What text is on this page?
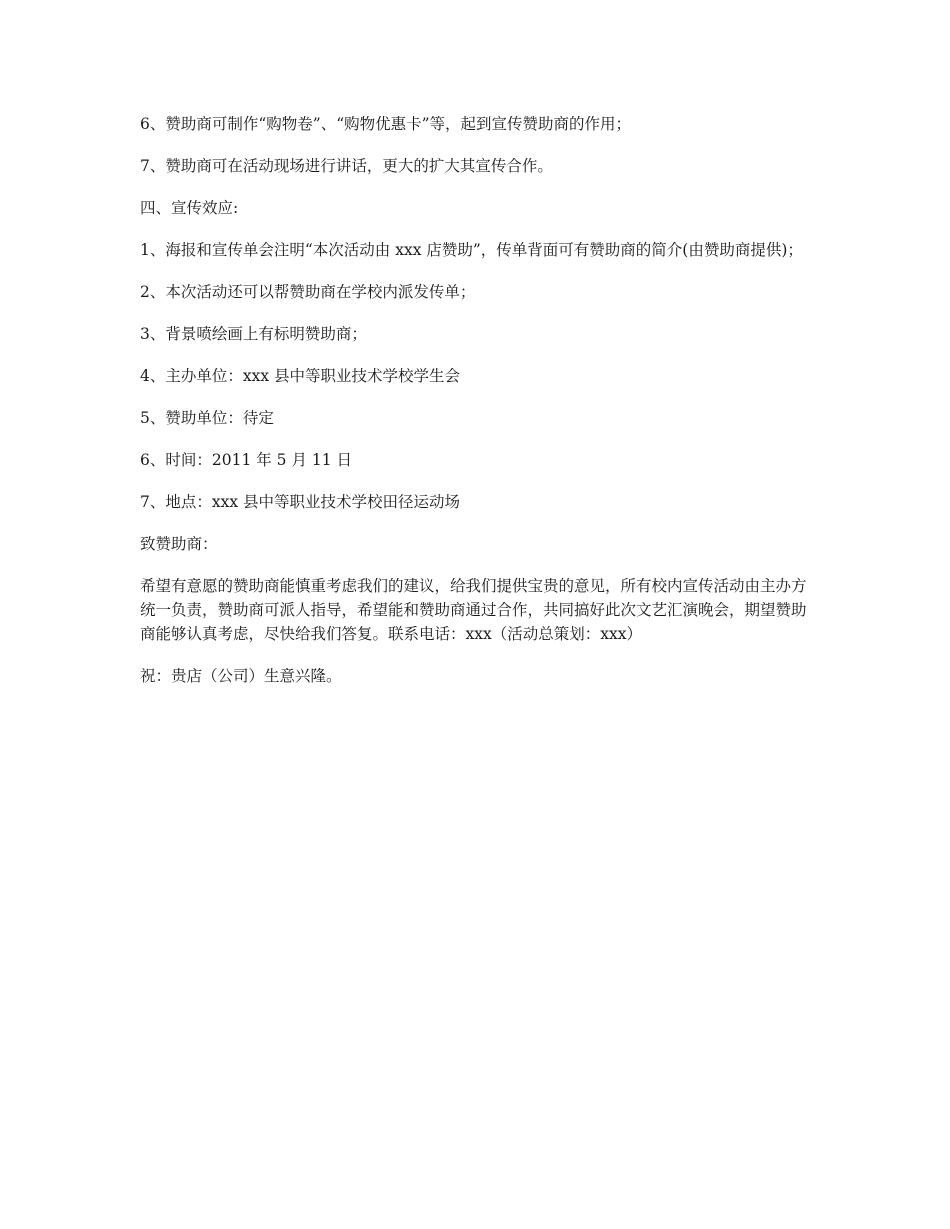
6、赞助商可制作“购物卷”、“购物优惠卡”等，起到宣传赞助商的作用；

7、赞助商可在活动现场进行讲话，更大的扩大其宣传合作。

四、宣传效应:

1、海报和宣传单会注明“本次活动由 xxx 店赞助”，传单背面可有赞助商的简介(由赞助商提供)；

2、本次活动还可以帮赞助商在学校内派发传单；

3、背景喷绘画上有标明赞助商；

4、主办单位：xxx 县中等职业技术学校学生会

5、赞助单位：待定

6、时间：2011 年 5 月 11 日

7、地点：xxx 县中等职业技术学校田径运动场

致赞助商：

希望有意愿的赞助商能慎重考虑我们的建议，给我们提供宝贵的意见，所有校内宣传活动由主办方统一负责，赞助商可派人指导，希望能和赞助商通过合作，共同搞好此次文艺汇演晚会，期望赞助商能够认真考虑，尽快给我们答复。联系电话：xxx（活动总策划：xxx）

祝：贵店（公司）生意兴隆。
